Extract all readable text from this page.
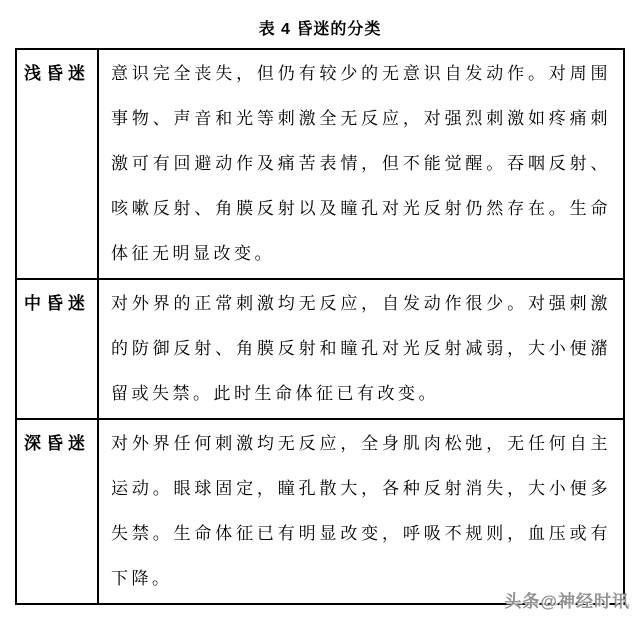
表 4 昏迷的分类
浅昏迷	意识完全丧失，但仍有较少的无意识自发动作。对周围事物、声音和光等刺激全无反应，对强烈刺激如疼痛刺激可有回避动作及痛苦表情，但不能觉醒。吞咽反射、咳嗽反射、角膜反射以及瞳孔对光反射仍然存在。生命体征无明显改变。
中昏迷	对外界的正常刺激均无反应，自发动作很少。对强刺激的防御反射、角膜反射和瞳孔对光反射减弱，大小便潴留或失禁。此时生命体征已有改变。
深昏迷	对外界任何刺激均无反应，全身肌肉松弛，无任何自主运动。眼球固定，瞳孔散大，各种反射消失，大小便多失禁。生命体征已有明显改变，呼吸不规则，血压或有下降。
头条@神经时讯
